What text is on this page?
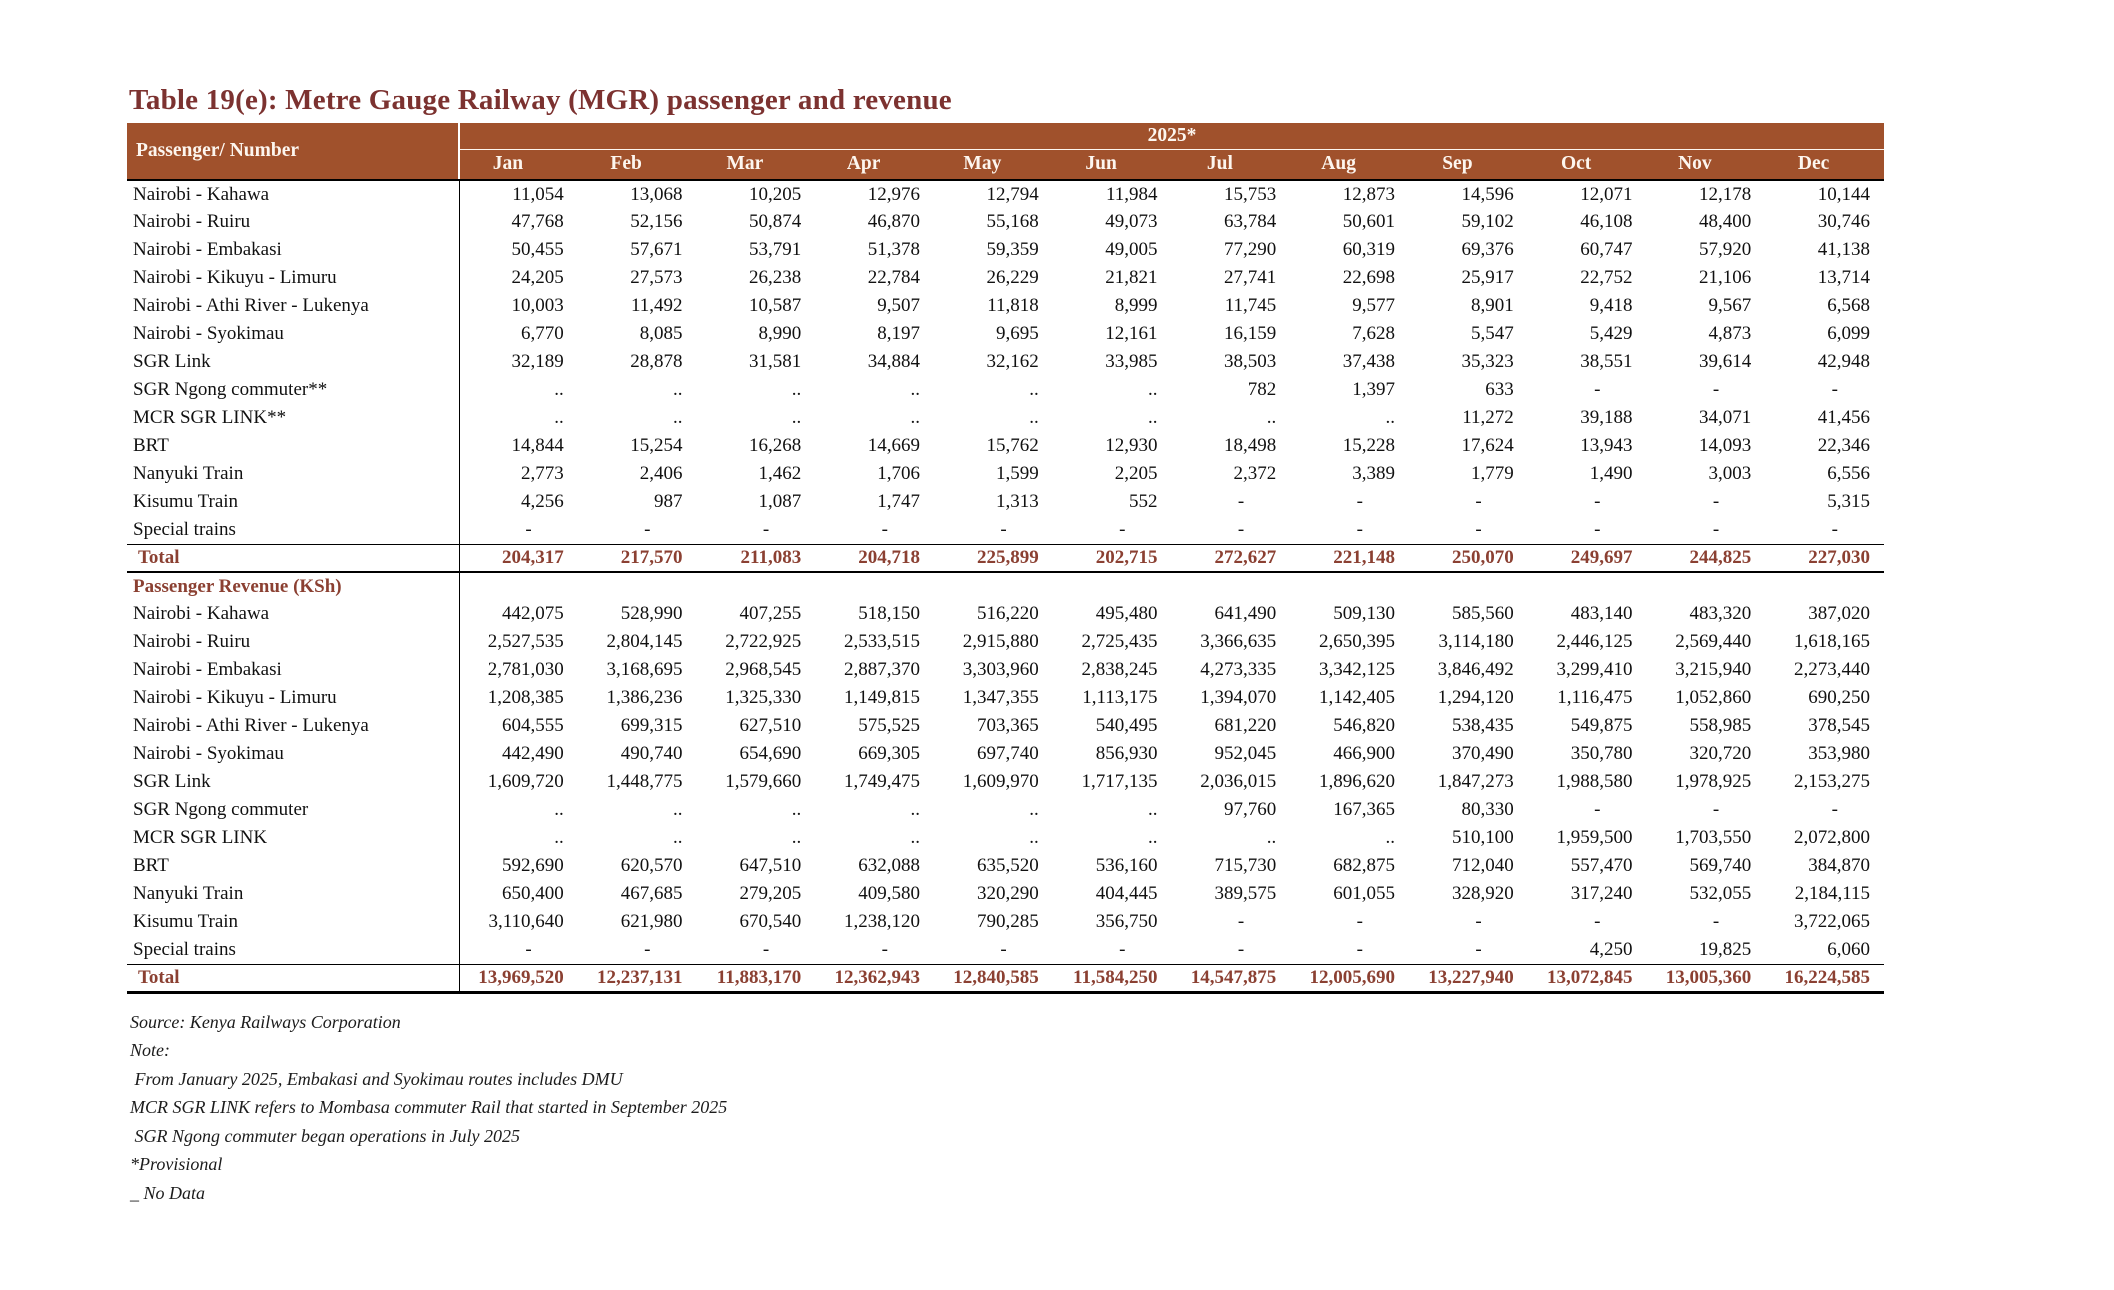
Table 19(e): Metre Gauge Railway (MGR) passenger and revenue
Passenger/ Number	2025*											
	Jan	Feb	Mar	Apr	May	Jun	Jul	Aug	Sep	Oct	Nov	Dec
Nairobi - Kahawa	11,054	13,068	10,205	12,976	12,794	11,984	15,753	12,873	14,596	12,071	12,178	10,144
Nairobi - Ruiru	47,768	52,156	50,874	46,870	55,168	49,073	63,784	50,601	59,102	46,108	48,400	30,746
Nairobi - Embakasi	50,455	57,671	53,791	51,378	59,359	49,005	77,290	60,319	69,376	60,747	57,920	41,138
Nairobi - Kikuyu - Limuru	24,205	27,573	26,238	22,784	26,229	21,821	27,741	22,698	25,917	22,752	21,106	13,714
Nairobi - Athi River - Lukenya	10,003	11,492	10,587	9,507	11,818	8,999	11,745	9,577	8,901	9,418	9,567	6,568
Nairobi - Syokimau	6,770	8,085	8,990	8,197	9,695	12,161	16,159	7,628	5,547	5,429	4,873	6,099
SGR Link	32,189	28,878	31,581	34,884	32,162	33,985	38,503	37,438	35,323	38,551	39,614	42,948
SGR Ngong commuter**	..	..	..	..	..	..	782	1,397	633	-	-	-
MCR SGR LINK**	..	..	..	..	..	..	..	..	11,272	39,188	34,071	41,456
BRT	14,844	15,254	16,268	14,669	15,762	12,930	18,498	15,228	17,624	13,943	14,093	22,346
Nanyuki Train	2,773	2,406	1,462	1,706	1,599	2,205	2,372	3,389	1,779	1,490	3,003	6,556
Kisumu Train	4,256	987	1,087	1,747	1,313	552	-	-	-	-	-	5,315
Special trains	-	-	-	-	-	-	-	-	-	-	-	-
Total	204,317	217,570	211,083	204,718	225,899	202,715	272,627	221,148	250,070	249,697	244,825	227,030
Passenger Revenue (KSh)												
Nairobi - Kahawa	442,075	528,990	407,255	518,150	516,220	495,480	641,490	509,130	585,560	483,140	483,320	387,020
Nairobi - Ruiru	2,527,535	2,804,145	2,722,925	2,533,515	2,915,880	2,725,435	3,366,635	2,650,395	3,114,180	2,446,125	2,569,440	1,618,165
Nairobi - Embakasi	2,781,030	3,168,695	2,968,545	2,887,370	3,303,960	2,838,245	4,273,335	3,342,125	3,846,492	3,299,410	3,215,940	2,273,440
Nairobi - Kikuyu - Limuru	1,208,385	1,386,236	1,325,330	1,149,815	1,347,355	1,113,175	1,394,070	1,142,405	1,294,120	1,116,475	1,052,860	690,250
Nairobi - Athi River - Lukenya	604,555	699,315	627,510	575,525	703,365	540,495	681,220	546,820	538,435	549,875	558,985	378,545
Nairobi - Syokimau	442,490	490,740	654,690	669,305	697,740	856,930	952,045	466,900	370,490	350,780	320,720	353,980
SGR Link	1,609,720	1,448,775	1,579,660	1,749,475	1,609,970	1,717,135	2,036,015	1,896,620	1,847,273	1,988,580	1,978,925	2,153,275
SGR Ngong commuter	..	..	..	..	..	..	97,760	167,365	80,330	-	-	-
MCR SGR LINK	..	..	..	..	..	..	..	..	510,100	1,959,500	1,703,550	2,072,800
BRT	592,690	620,570	647,510	632,088	635,520	536,160	715,730	682,875	712,040	557,470	569,740	384,870
Nanyuki Train	650,400	467,685	279,205	409,580	320,290	404,445	389,575	601,055	328,920	317,240	532,055	2,184,115
Kisumu Train	3,110,640	621,980	670,540	1,238,120	790,285	356,750	-	-	-	-	-	3,722,065
Special trains	-	-	-	-	-	-	-	-	-	4,250	19,825	6,060
Total	13,969,520	12,237,131	11,883,170	12,362,943	12,840,585	11,584,250	14,547,875	12,005,690	13,227,940	13,072,845	13,005,360	16,224,585
Source: Kenya Railways Corporation
Note:
From January 2025, Embakasi and Syokimau routes includes DMU
MCR SGR LINK refers to Mombasa commuter Rail that started in September 2025
SGR Ngong commuter began operations in July 2025
*Provisional
_ No Data
